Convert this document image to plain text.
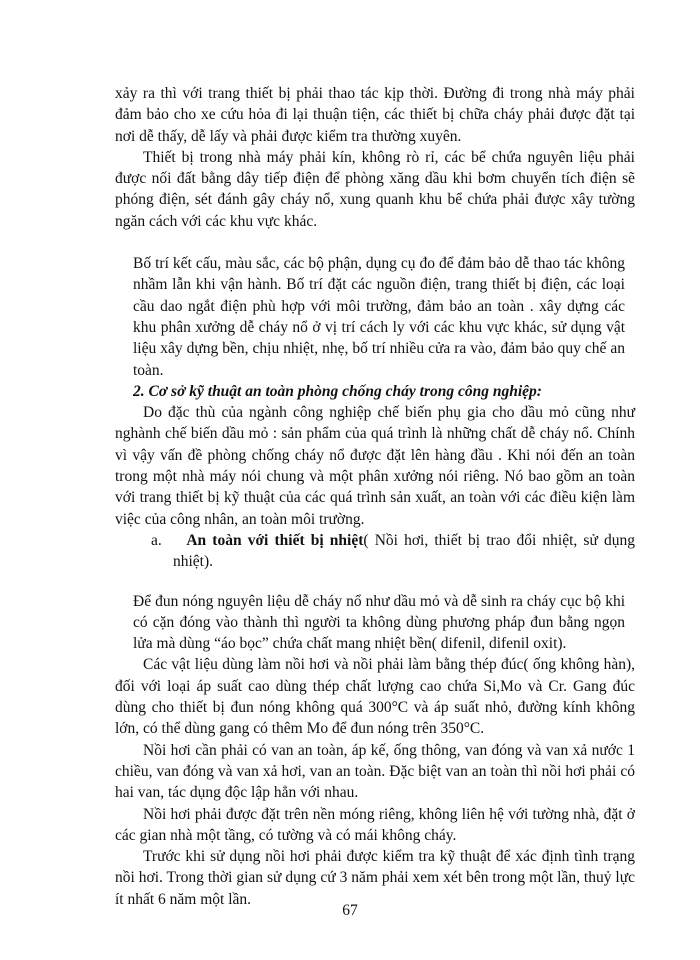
xảy ra thì với trang thiết bị phải thao tác kịp thời. Đường đi trong nhà máy phải đảm bảo cho xe cứu hỏa đi lại thuận tiện, các thiết bị chữa cháy phải được đặt tại nơi dễ thấy, dễ lấy và phải được kiểm tra thường xuyên.

Thiết bị trong nhà máy phải kín, không rò rỉ, các bể chứa nguyên liệu phải được nối đất bằng dây tiếp điện để phòng xăng dầu khi bơm chuyển tích điện sẽ phóng điện, sét đánh gây cháy nổ, xung quanh khu bể chứa phải được xây tường ngăn cách với các khu vực khác.

Bố trí kết cấu, màu sắc, các bộ phận, dụng cụ đo để đảm bảo dễ thao tác không nhầm lẫn khi vận hành. Bố trí đặt các nguồn điện, trang thiết bị điện, các loại cầu dao ngắt điện phù hợp với môi trường, đảm bảo an toàn . xây dựng các khu phân xưởng dễ cháy nổ ở vị trí cách ly với các khu vực khác, sử dụng vật liệu xây dựng bền, chịu nhiệt, nhẹ, bố trí nhiều cửa ra vào, đảm bảo quy chế an toàn.

2. Cơ sở kỹ thuật an toàn phòng chống cháy trong công nghiệp:

Do đặc thù của ngành công nghiệp chế biến phụ gia cho dầu mỏ cũng như nghành chế biến dầu mỏ : sản phẩm của quá trình là những chất dễ cháy nổ. Chính vì vậy vấn đề phòng chống cháy nổ được đặt lên hàng đầu . Khi nói đến an toàn trong một nhà máy nói chung và một phân xưởng nói riêng. Nó bao gồm an toàn với trang thiết bị kỹ thuật của các quá trình sản xuất, an toàn với các điều kiện làm việc của công nhân, an toàn môi trường.

a. An toàn với thiết bị nhiệt( Nồi hơi, thiết bị trao đổi nhiệt, sử dụng nhiệt).

Để đun nóng nguyên liệu dễ cháy nổ như dầu mỏ và dễ sinh ra cháy cục bộ khi có cặn đóng vào thành thì người ta không dùng phương pháp đun bằng ngọn lửa mà dùng “áo bọc” chứa chất mang nhiệt bền( difenil, difenil oxit).

Các vật liệu dùng làm nồi hơi và nồi phải làm bằng thép đúc( ống không hàn), đối với loại áp suất cao dùng thép chất lượng cao chứa Si,Mo và Cr. Gang đúc dùng cho thiết bị đun nóng không quá 300°C và áp suất nhỏ, đường kính không lớn, có thể dùng gang có thêm Mo để đun nóng trên 350°C.

Nồi hơi cần phải có van an toàn, áp kế, ống thông, van đóng và van xả nước 1 chiều, van đóng và van xả hơi, van an toàn. Đặc biệt van an toàn thì nồi hơi phải có hai van, tác dụng độc lập hẳn với nhau.

Nồi hơi phải được đặt trên nền móng riêng, không liên hệ với tường nhà, đặt ở các gian nhà một tầng, có tường và có mái không cháy.

Trước khi sử dụng nồi hơi phải được kiểm tra kỹ thuật để xác định tình trạng nồi hơi. Trong thời gian sử dụng cứ 3 năm phải xem xét bên trong một lần, thuỷ lực ít nhất 6 năm một lần.

67
